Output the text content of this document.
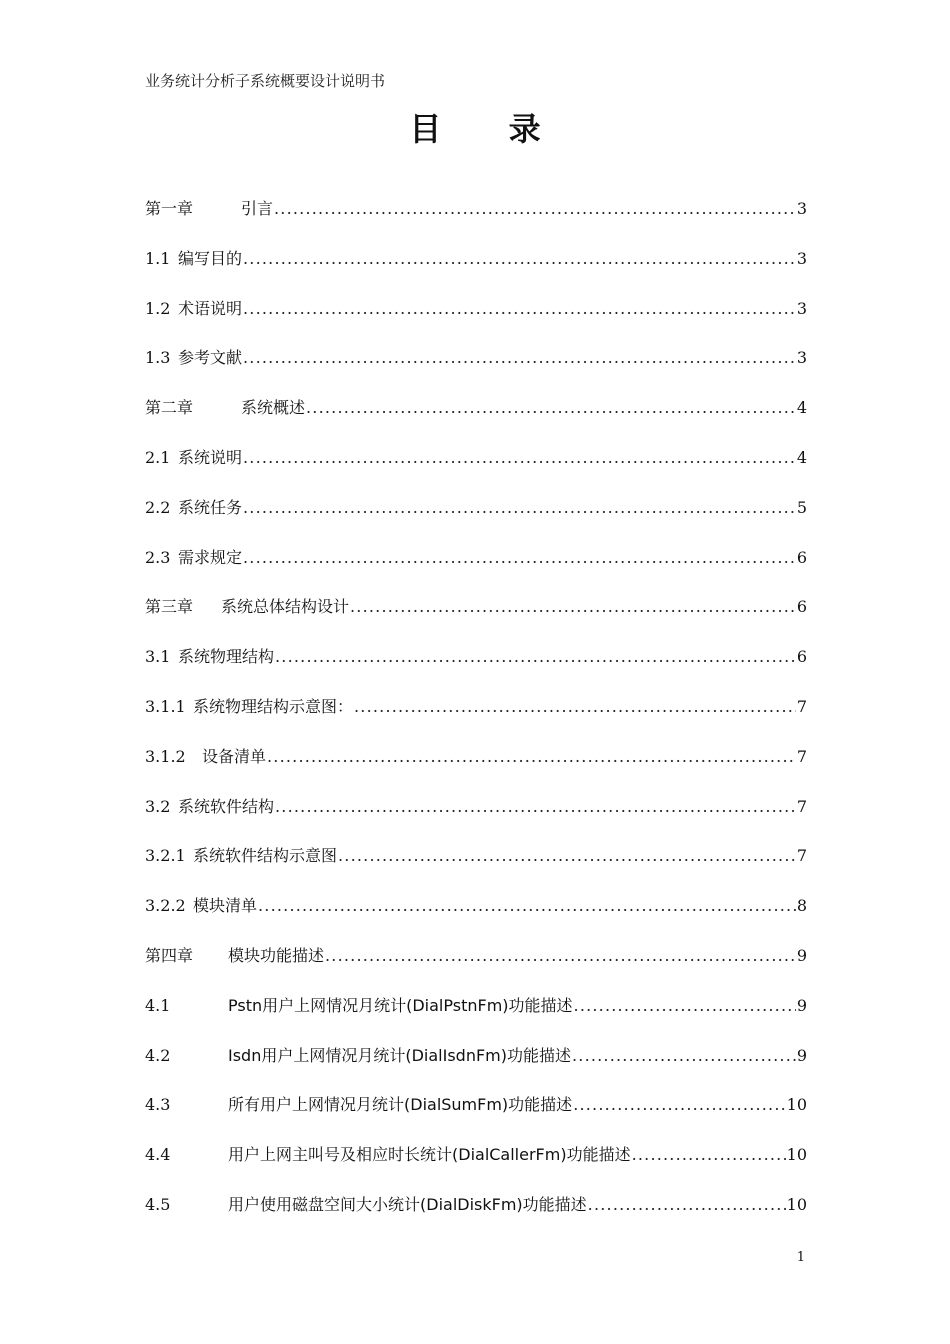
业务统计分析子系统概要设计说明书
目 录
第一章	引言 .....	3
1.1 编写目的 .....	3
1.2 术语说明 .....	3
1.3 参考文献 .....	3
第二章	系统概述 .....	4
2.1 系统说明 .....	4
2.2 系统任务 .....	5
2.3 需求规定 .....	6
第三章	系统总体结构设计 .....	6
3.1 系统物理结构 .....	6
3.1.1 系统物理结构示意图： .....	7
3.1.2	设备清单 .....	7
3.2 系统软件结构 .....	7
3.2.1 系统软件结构示意图 .....	7
3.2.2 模块清单 .....	8
第四章	模块功能描述 .....	9
4.1	Pstn用户上网情况月统计(DialPstnFm)功能描述 .....	9
4.2	Isdn用户上网情况月统计(DialIsdnFm)功能描述 .....	9
4.3	所有用户上网情况月统计(DialSumFm)功能描述 .....	10
4.4	用户上网主叫号及相应时长统计(DialCallerFm)功能描述 .....	10
4.5	用户使用磁盘空间大小统计(DialDiskFm)功能描述 .....	10
1
